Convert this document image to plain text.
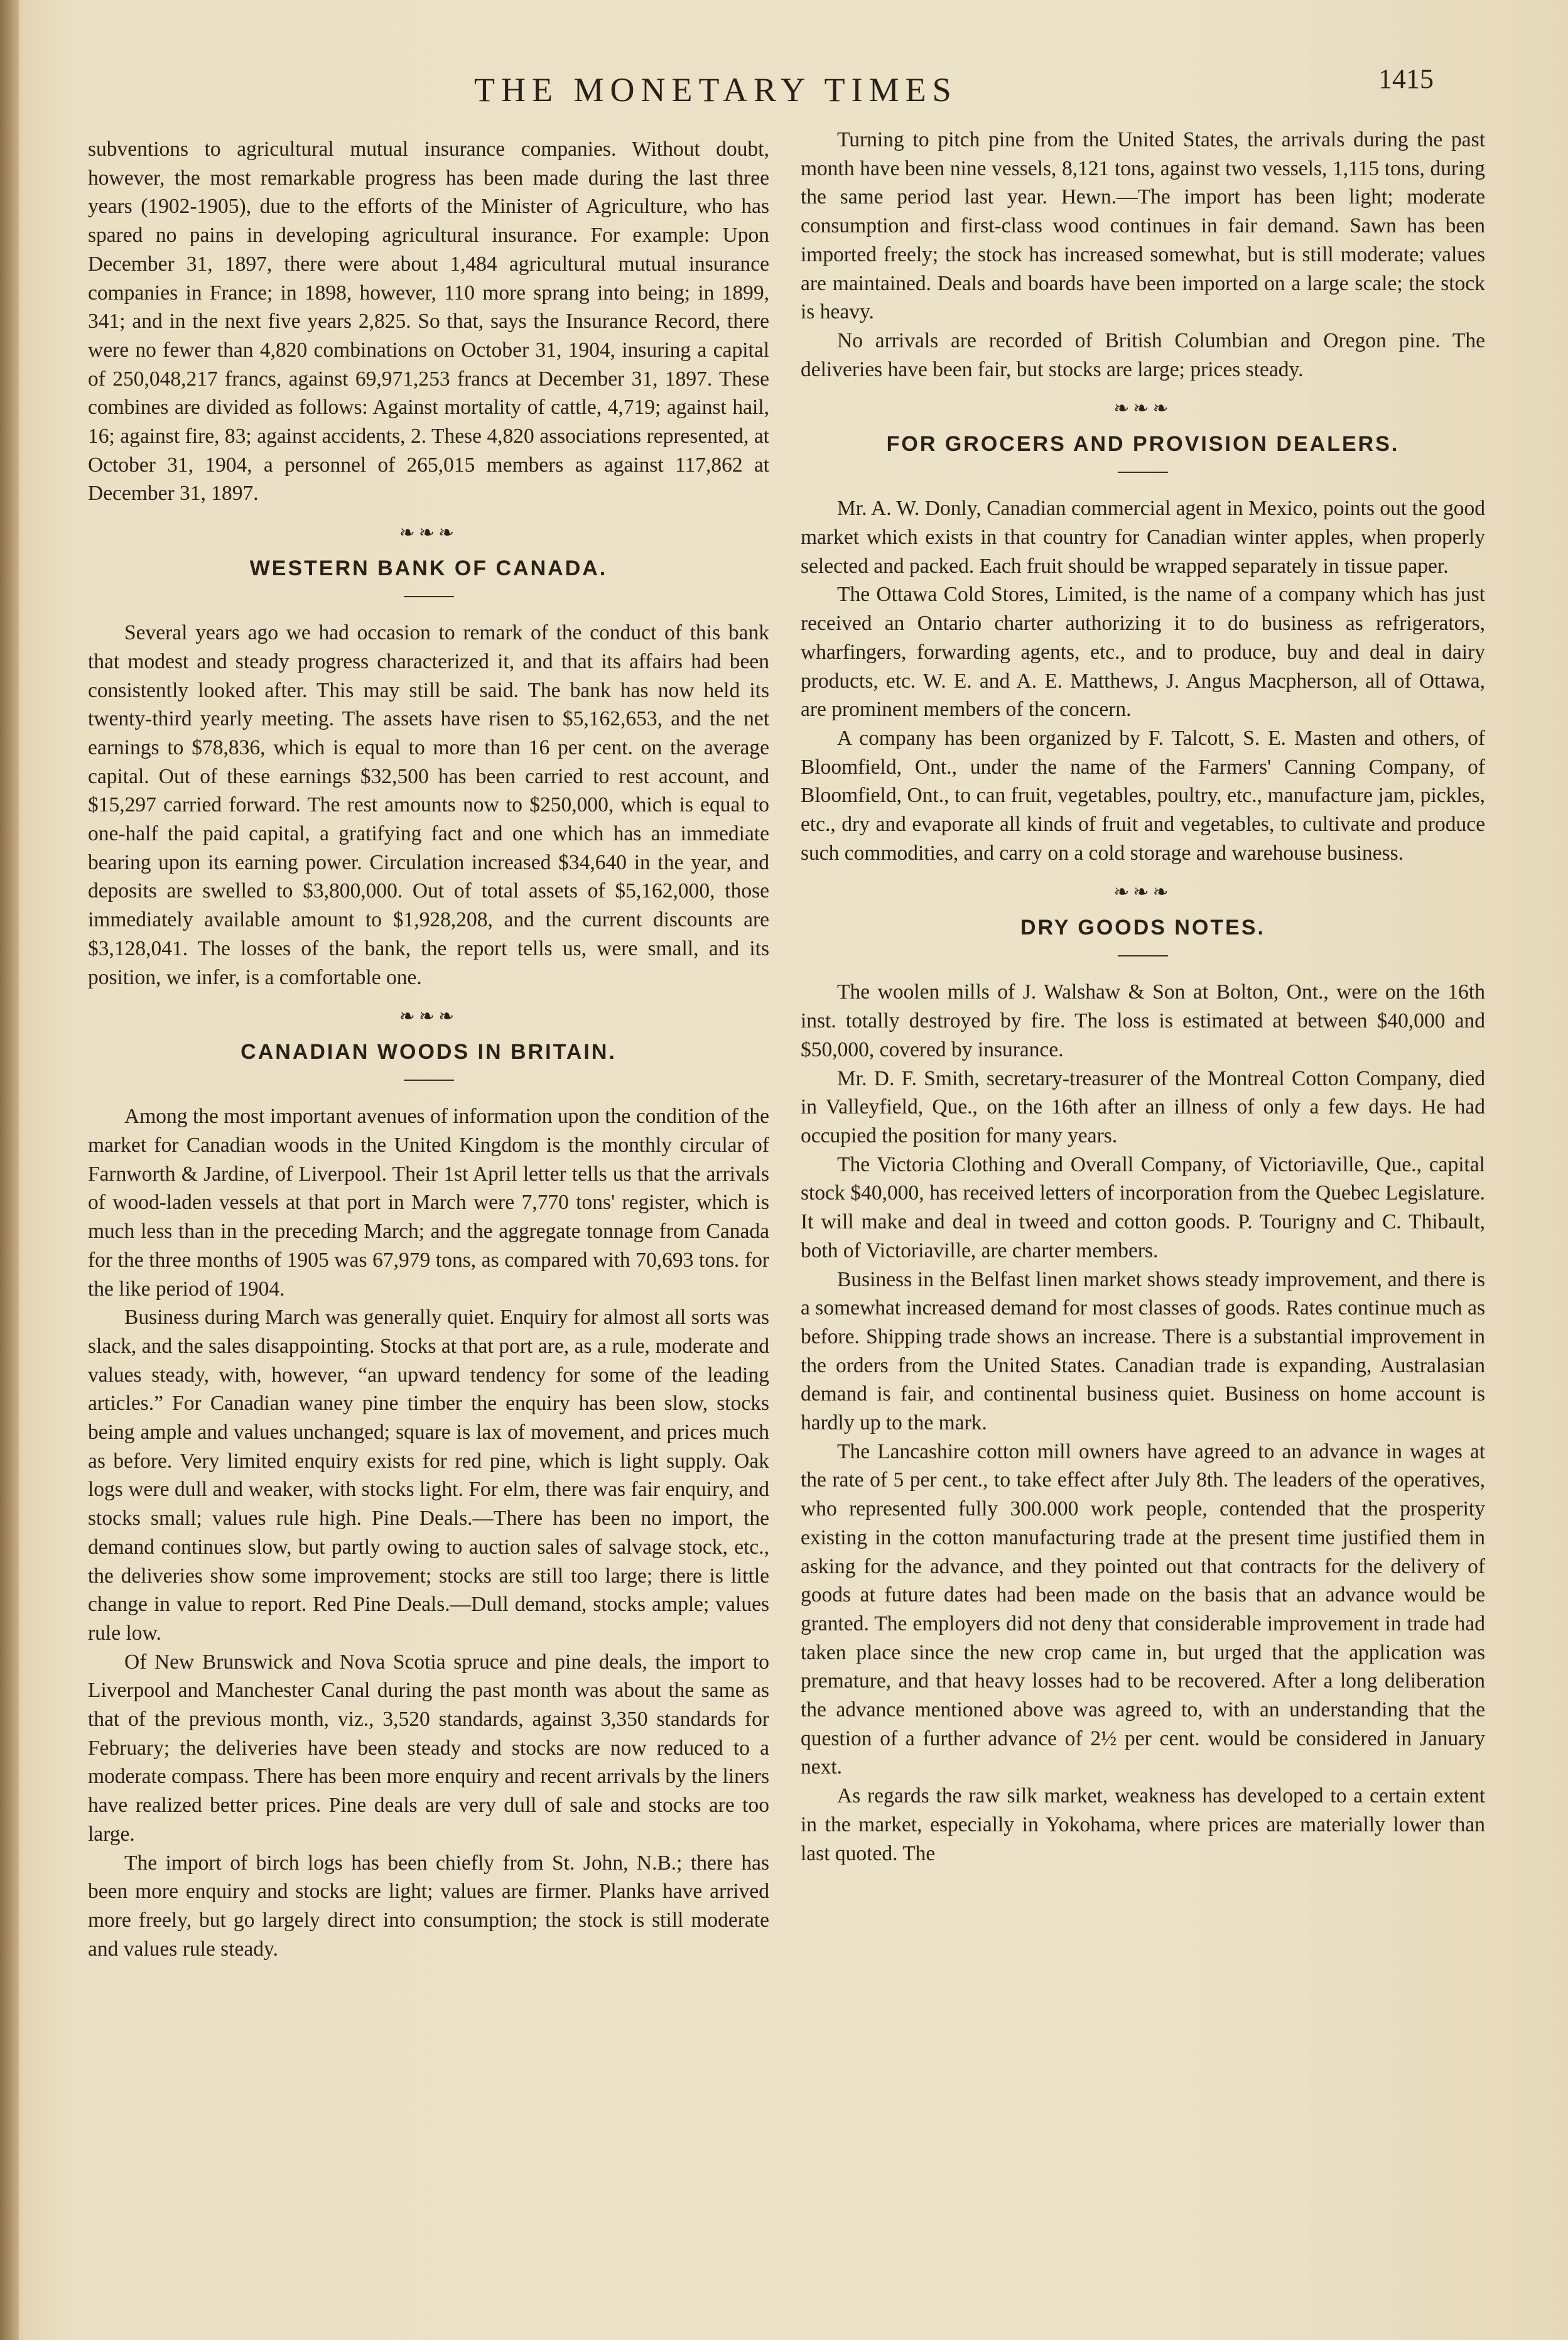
THE MONETARY TIMES	1415

subventions to agricultural mutual insurance companies. Without doubt, however, the most remarkable progress has been made during the last three years (1902-1905), due to the efforts of the Minister of Agriculture, who has spared no pains in developing agricultural insurance. For example: Upon December 31, 1897, there were about 1,484 agricultural mutual insurance companies in France; in 1898, however, 110 more sprang into being; in 1899, 341; and in the next five years 2,825. So that, says the Insurance Record, there were no fewer than 4,820 combinations on October 31, 1904, insuring a capital of 250,048,217 francs, against 69,971,253 francs at December 31, 1897. These combines are divided as follows: Against mortality of cattle, 4,719; against hail, 16; against fire, 83; against accidents, 2. These 4,820 associations represented, at October 31, 1904, a personnel of 265,015 members as against 117,862 at December 31, 1897.

❧❧❧
WESTERN BANK OF CANADA.

Several years ago we had occasion to remark of the conduct of this bank that modest and steady progress characterized it, and that its affairs had been consistently looked after. This may still be said. The bank has now held its twenty-third yearly meeting. The assets have risen to $5,162,653, and the net earnings to $78,836, which is equal to more than 16 per cent. on the average capital. Out of these earnings $32,500 has been carried to rest account, and $15,297 carried forward. The rest amounts now to $250,000, which is equal to one-half the paid capital, a gratifying fact and one which has an immediate bearing upon its earning power. Circulation increased $34,640 in the year, and deposits are swelled to $3,800,000. Out of total assets of $5,162,000, those immediately available amount to $1,928,208, and the current discounts are $3,128,041. The losses of the bank, the report tells us, were small, and its position, we infer, is a comfortable one.

❧❧❧
CANADIAN WOODS IN BRITAIN.

Among the most important avenues of information upon the condition of the market for Canadian woods in the United Kingdom is the monthly circular of Farnworth & Jardine, of Liverpool. Their 1st April letter tells us that the arrivals of wood-laden vessels at that port in March were 7,770 tons' register, which is much less than in the preceding March; and the aggregate tonnage from Canada for the three months of 1905 was 67,979 tons, as compared with 70,693 tons. for the like period of 1904.

Business during March was generally quiet. Enquiry for almost all sorts was slack, and the sales disappointing. Stocks at that port are, as a rule, moderate and values steady, with, however, “an upward tendency for some of the leading articles.” For Canadian waney pine timber the enquiry has been slow, stocks being ample and values unchanged; square is lax of movement, and prices much as before. Very limited enquiry exists for red pine, which is light supply. Oak logs were dull and weaker, with stocks light. For elm, there was fair enquiry, and stocks small; values rule high. Pine Deals.—There has been no import, the demand continues slow, but partly owing to auction sales of salvage stock, etc., the deliveries show some improvement; stocks are still too large; there is little change in value to report. Red Pine Deals.—Dull demand, stocks ample; values rule low.

Of New Brunswick and Nova Scotia spruce and pine deals, the import to Liverpool and Manchester Canal during the past month was about the same as that of the previous month, viz., 3,520 standards, against 3,350 standards for February; the deliveries have been steady and stocks are now reduced to a moderate compass. There has been more enquiry and recent arrivals by the liners have realized better prices. Pine deals are very dull of sale and stocks are too large.

The import of birch logs has been chiefly from St. John, N.B.; there has been more enquiry and stocks are light; values are firmer. Planks have arrived more freely, but go largely direct into consumption; the stock is still moderate and values rule steady.

Turning to pitch pine from the United States, the arrivals during the past month have been nine vessels, 8,121 tons, against two vessels, 1,115 tons, during the same period last year. Hewn.—The import has been light; moderate consumption and first-class wood continues in fair demand. Sawn has been imported freely; the stock has increased somewhat, but is still moderate; values are maintained. Deals and boards have been imported on a large scale; the stock is heavy.

No arrivals are recorded of British Columbian and Oregon pine. The deliveries have been fair, but stocks are large; prices steady.

❧❧❧
FOR GROCERS AND PROVISION DEALERS.

Mr. A. W. Donly, Canadian commercial agent in Mexico, points out the good market which exists in that country for Canadian winter apples, when properly selected and packed. Each fruit should be wrapped separately in tissue paper.

The Ottawa Cold Stores, Limited, is the name of a company which has just received an Ontario charter authorizing it to do business as refrigerators, wharfingers, forwarding agents, etc., and to produce, buy and deal in dairy products, etc. W. E. and A. E. Matthews, J. Angus Macpherson, all of Ottawa, are prominent members of the concern.

A company has been organized by F. Talcott, S. E. Masten and others, of Bloomfield, Ont., under the name of the Farmers' Canning Company, of Bloomfield, Ont., to can fruit, vegetables, poultry, etc., manufacture jam, pickles, etc., dry and evaporate all kinds of fruit and vegetables, to cultivate and produce such commodities, and carry on a cold storage and warehouse business.

❧❧❧
DRY GOODS NOTES.

The woolen mills of J. Walshaw & Son at Bolton, Ont., were on the 16th inst. totally destroyed by fire. The loss is estimated at between $40,000 and $50,000, covered by insurance.

Mr. D. F. Smith, secretary-treasurer of the Montreal Cotton Company, died in Valleyfield, Que., on the 16th after an illness of only a few days. He had occupied the position for many years.

The Victoria Clothing and Overall Company, of Victoriaville, Que., capital stock $40,000, has received letters of incorporation from the Quebec Legislature. It will make and deal in tweed and cotton goods. P. Tourigny and C. Thibault, both of Victoriaville, are charter members.

Business in the Belfast linen market shows steady improvement, and there is a somewhat increased demand for most classes of goods. Rates continue much as before. Shipping trade shows an increase. There is a substantial improvement in the orders from the United States. Canadian trade is expanding, Australasian demand is fair, and continental business quiet. Business on home account is hardly up to the mark.

The Lancashire cotton mill owners have agreed to an advance in wages at the rate of 5 per cent., to take effect after July 8th. The leaders of the operatives, who represented fully 300.000 work people, contended that the prosperity existing in the cotton manufacturing trade at the present time justified them in asking for the advance, and they pointed out that contracts for the delivery of goods at future dates had been made on the basis that an advance would be granted. The employers did not deny that considerable improvement in trade had taken place since the new crop came in, but urged that the application was premature, and that heavy losses had to be recovered. After a long deliberation the advance mentioned above was agreed to, with an understanding that the question of a further advance of 2½ per cent. would be considered in January next.

As regards the raw silk market, weakness has developed to a certain extent in the market, especially in Yokohama, where prices are materially lower than last quoted. The
